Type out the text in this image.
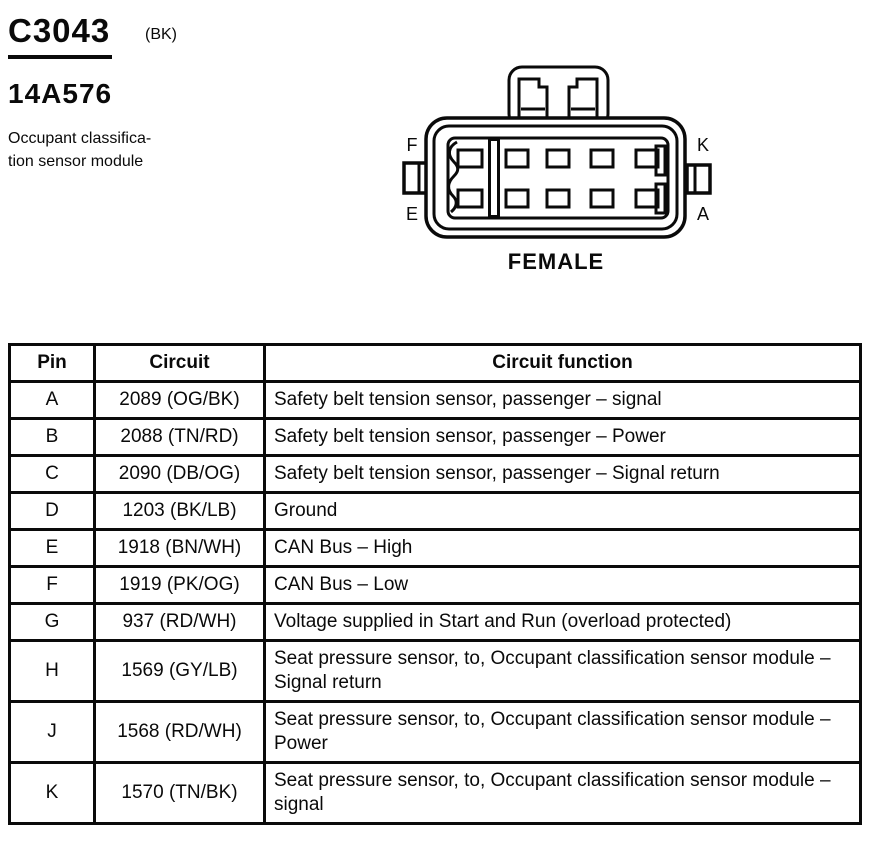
C3043 (BK)
14A576
Occupant classifica-
tion sensor module
F
E
K
A
FEMALE
Pin	Circuit	Circuit function
A	2089 (OG/BK)	Safety belt tension sensor, passenger – signal
B	2088 (TN/RD)	Safety belt tension sensor, passenger – Power
C	2090 (DB/OG)	Safety belt tension sensor, passenger – Signal return
D	1203 (BK/LB)	Ground
E	1918 (BN/WH)	CAN Bus – High
F	1919 (PK/OG)	CAN Bus – Low
G	937 (RD/WH)	Voltage supplied in Start and Run (overload protected)
H	1569 (GY/LB)	Seat pressure sensor, to, Occupant classification sensor module – Signal return
J	1568 (RD/WH)	Seat pressure sensor, to, Occupant classification sensor module – Power
K	1570 (TN/BK)	Seat pressure sensor, to, Occupant classification sensor module – signal
